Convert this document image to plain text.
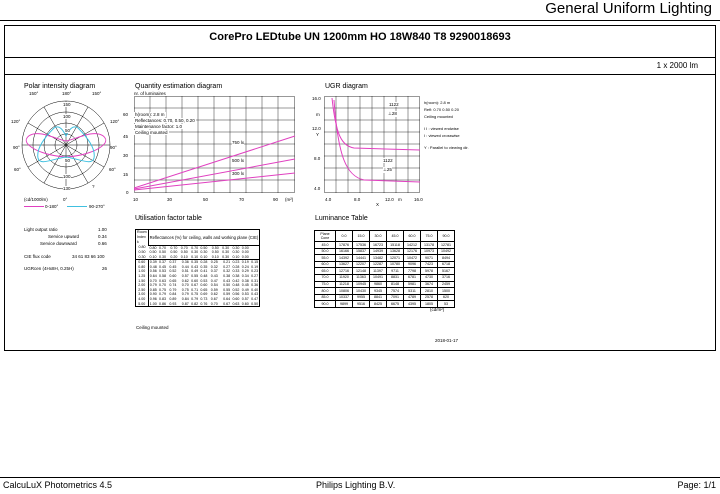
General Uniform Lighting
CorePro LEDtube UN 1200mm HO 18W840 T8 9290018693
1 x 2000 lm
Polar intensity diagram
150°	180°	150°
120°	120°
90°	90°
60°	60°
150
100
50
50
100
130	?
(cd/1000lm)	0°
0-180°	90-270°
Quantity estimation diagram
nr. of luminaires
h(room): 2.8 m
Reflectances: 0.70, 0.50, 0.20
Maintenance factor: 1.0
Ceiling mounted
60
45
30
15
0
10	30	50	70	90 (m²)
750 lx
500 lx
300 lx
UGR diagram
16.0
m
12.0
Y
8.0
4.0
4.0	8.0	12.0 m	16.0
X
1122
⊥28
1122
⊥25
h(room): 2.8 m
Refl: 0.70 0.50 0.20
Ceiling mounted
I I : viewed endwise
I : viewed crosswise
Y : Parallel to viewing dir.
Light output ratio	1.00
Service upward	0.34
Service downward	0.66
CIE flux code	34 61 83 66 100
UGRcen (4Hx8H, 0.25H)	26
Utilisation factor table
Room
Index
k	Reflectances (%) for ceiling, walls and working plane (CIE)										
0.80	0.80	0.70	0.70	0.70	0.70	0.50	0.50	0.30	0.30	0.00	
0.50	0.50	0.50	0.50	0.50	0.30	0.30	0.50	0.30	0.30	0.00	
0.30	0.10	0.30	0.20	0.10	0.10	0.10	0.10	0.30	0.10	0.00	
0.60	0.39	0.37	0.37	0.36	0.35	0.28	0.25	0.21	0.23	0.19	0.15
0.80	0.48	0.45	0.45	0.44	0.43	0.35	0.32	0.27	0.28	0.24	0.19
1.00	0.56	0.53	0.52	0.51	0.49	0.41	0.37	0.32	0.33	0.29	0.23
1.25	0.64	0.58	0.60	0.57	0.55	0.48	0.43	0.38	0.38	0.34	0.27
1.50	0.70	0.63	0.65	0.62	0.60	0.53	0.47	0.43	0.42	0.38	0.31
2.00	0.79	0.70	0.74	0.70	0.67	0.60	0.54	0.50	0.48	0.45	0.36
2.50	0.85	0.75	0.79	0.75	0.71	0.65	0.59	0.55	0.52	0.49	0.40
3.00	0.90	0.79	0.84	0.79	0.75	0.69	0.62	0.59	0.56	0.53	0.43
4.00	0.96	0.83	0.89	0.84	0.79	0.73	0.67	0.64	0.60	0.57	0.47
5.00	1.00	0.86	0.93	0.87	0.82	0.76	0.70	0.67	0.63	0.60	0.50
Ceiling mounted
Luminance Table
Plane Cone	0.0	15.0	30.0	45.0	60.0	75.0	90.0
45.0	17876	17536	16723	15118	14212	13178	12781
50.0	16166	15837	14939	13628	12176	10973	10492
55.0	14392	14441	13482	12071	10472	9071	8494
60.0	13627	12207	12287	10780	9096	7423	6718
65.0	12716	12148	11397	9711	7798	5978	5167
70.0	11920	11363	10491	8831	6781	4730	3716
75.0	11218	10945	9860	8148	5981	3674	2459
80.0	10806	10430	9345	7574	5311	2810	1500
85.0	10337	9955	8841	7091	4789	2578	620
90.0	9899	9516	8425	6675	4395	1805	53
(cd/m²)
2018-01-17
CalcuLuX Photometrics 4.5	Philips Lighting B.V.	Page: 1/1
